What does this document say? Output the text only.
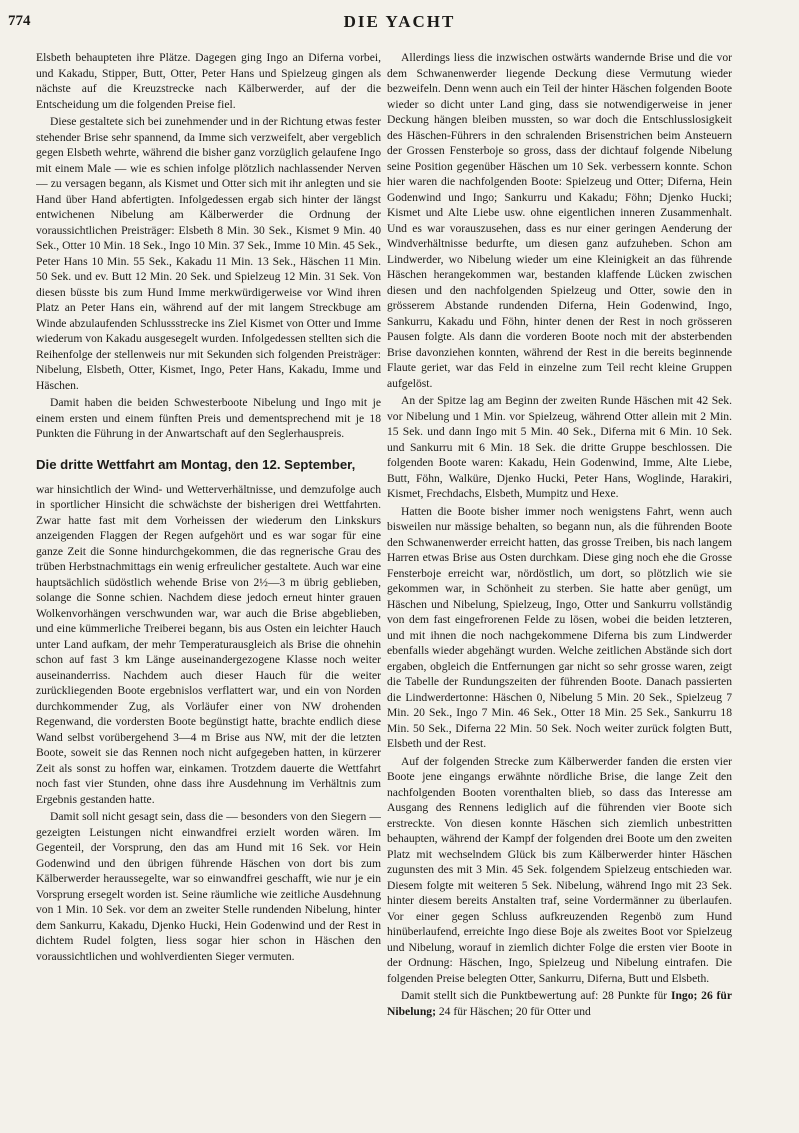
774	DIE YACHT

Elsbeth behaupteten ihre Plätze. Dagegen ging Ingo an Diferna vorbei, und Kakadu, Stipper, Butt, Otter, Peter Hans und Spielzeug gingen als nächste auf die Kreuzstrecke nach Kälberwerder, auf der die Entscheidung um die folgenden Preise fiel.

Diese gestaltete sich bei zunehmender und in der Richtung etwas fester stehender Brise sehr spannend, da Imme sich verzweifelt, aber vergeblich gegen Elsbeth wehrte, während die bisher ganz vorzüglich gelaufene Ingo mit einem Male — wie es schien infolge plötzlich nachlassender Nerven — zu versagen begann, als Kismet und Otter sich mit ihr anlegten und sie Hand über Hand abfertigten. Infolgedessen ergab sich hinter der längst entwichenen Nibelung am Kälberwerder die Ordnung der voraussichtlichen Preisträger: Elsbeth 8 Min. 30 Sek., Kismet 9 Min. 40 Sek., Otter 10 Min. 18 Sek., Ingo 10 Min. 37 Sek., Imme 10 Min. 45 Sek., Peter Hans 10 Min. 55 Sek., Kakadu 11 Min. 13 Sek., Häschen 11 Min. 50 Sek. und ev. Butt 12 Min. 20 Sek. und Spielzeug 12 Min. 31 Sek. Von diesen büsste bis zum Hund Imme merkwürdigerweise vor Wind ihren Platz an Peter Hans ein, während auf der mit langem Streckbuge am Winde abzulaufenden Schlussstrecke ins Ziel Kismet von Otter und Imme wiederum von Kakadu ausgesegelt wurden. Infolgedessen stellten sich die Reihenfolge der stellenweis nur mit Sekunden sich folgenden Preisträger: Nibelung, Elsbeth, Otter, Kismet, Ingo, Peter Hans, Kakadu, Imme und Häschen.

Damit haben die beiden Schwesterboote Nibelung und Ingo mit je einem ersten und einem fünften Preis und dementsprechend mit je 18 Punkten die Führung in der Anwartschaft auf den Seglerhauspreis.

Die dritte Wettfahrt am Montag, den 12. September,

war hinsichtlich der Wind- und Wetterverhältnisse, und demzufolge auch in sportlicher Hinsicht die schwächste der bisherigen drei Wettfahrten. Zwar hatte fast mit dem Vorheissen der wiederum den Linkskurs anzeigenden Flaggen der Regen aufgehört und es war sogar für eine ganze Zeit die Sonne hindurchgekommen, die das regnerische Grau des trüben Herbstnachmittags ein wenig erfreulicher gestaltete. Auch war eine hauptsächlich südöstlich wehende Brise von 2½—3 m übrig geblieben, solange die Sonne schien. Nachdem diese jedoch erneut hinter grauen Wolkenvorhängen verschwunden war, war auch die Brise abgeblieben, und eine kümmerliche Treiberei begann, bis aus Osten ein leichter Hauch unter Land aufkam, der mehr Temperaturausgleich als Brise die ohnehin schon auf fast 3 km Länge auseinandergezogene Klasse noch weiter auseinanderriss. Nachdem auch dieser Hauch für die weiter zurückliegenden Boote ergebnislos verflattert war, und ein von Norden durchkommender Zug, als Vorläufer einer von NW drohenden Regenwand, die vordersten Boote begünstigt hatte, brachte endlich diese Wand selbst vorübergehend 3—4 m Brise aus NW, mit der die letzten Boote, soweit sie das Rennen noch nicht aufgegeben hatten, in kürzerer Zeit als sonst zu hoffen war, einkamen. Trotzdem dauerte die Wettfahrt noch fast vier Stunden, ohne dass ihre Ausdehnung im Verhältnis zum Ergebnis gestanden hatte.

Damit soll nicht gesagt sein, dass die — besonders von den Siegern — gezeigten Leistungen nicht einwandfrei erzielt worden wären. Im Gegenteil, der Vorsprung, den das am Hund mit 16 Sek. vor Hein Godenwind und den übrigen führende Häschen von dort bis zum Kälberwerder heraussegelte, war so einwandfrei geschafft, wie nur je ein Vorsprung ersegelt worden ist. Seine räumliche wie zeitliche Ausdehnung von 1 Min. 10 Sek. vor dem an zweiter Stelle rundenden Nibelung, hinter dem Sankurru, Kakadu, Djenko Hucki, Hein Godenwind und der Rest in dichtem Rudel folgten, liess sogar hier schon in Häschen den voraussichtlichen und wohlverdienten Sieger vermuten.

Allerdings liess die inzwischen ostwärts wandernde Brise und die vor dem Schwanenwerder liegende Deckung diese Vermutung wieder bezweifeln. Denn wenn auch ein Teil der hinter Häschen folgenden Boote wieder so dicht unter Land ging, dass sie notwendigerweise in jener Deckung hängen bleiben mussten, so war doch die Entschlusslosigkeit des Häschen-Führers in den schralenden Brisenstrichen beim Ansteuern der Grossen Fensterboje so gross, dass der dichtauf folgende Nibelung seine Position gegenüber Häschen um 10 Sek. verbessern konnte. Schon hier waren die nachfolgenden Boote: Spielzeug und Otter; Diferna, Hein Godenwind und Ingo; Sankurru und Kakadu; Föhn; Djenko Hucki; Kismet und Alte Liebe usw. ohne eigentlichen inneren Zusammenhalt. Und es war vorauszusehen, dass es nur einer geringen Aenderung der Windverhältnisse bedurfte, um diesen ganz aufzuheben. Schon am Lindwerder, wo Nibelung wieder um eine Kleinigkeit an das führende Häschen herangekommen war, bestanden klaffende Lücken zwischen diesen und den nachfolgenden Spielzeug und Otter, sowie den in grösserem Abstande rundenden Diferna, Hein Godenwind, Ingo, Sankurru, Kakadu und Föhn, hinter denen der Rest in noch grösseren Pausen folgte. Als dann die vorderen Boote noch mit der absterbenden Brise davonziehen konnten, während der Rest in die bereits beginnende Flaute geriet, war das Feld in einzelne zum Teil recht kleine Gruppen aufgelöst.

An der Spitze lag am Beginn der zweiten Runde Häschen mit 42 Sek. vor Nibelung und 1 Min. vor Spielzeug, während Otter allein mit 2 Min. 15 Sek. und dann Ingo mit 5 Min. 40 Sek., Diferna mit 6 Min. 10 Sek. und Sankurru mit 6 Min. 18 Sek. die dritte Gruppe beschlossen. Die folgenden Boote waren: Kakadu, Hein Godenwind, Imme, Alte Liebe, Butt, Föhn, Walküre, Djenko Hucki, Peter Hans, Woglinde, Harakiri, Kismet, Frechdachs, Elsbeth, Mumpitz und Hexe.

Hatten die Boote bisher immer noch wenigstens Fahrt, wenn auch bisweilen nur mässige behalten, so begann nun, als die führenden Boote den Schwanenwerder erreicht hatten, das grosse Treiben, bis nach langem Harren etwas Brise aus Osten durchkam. Diese ging noch ehe die Grosse Fensterboje erreicht war, nördöstlich, um dort, so plötzlich wie sie gekommen war, in Schönheit zu sterben. Sie hatte aber genügt, um Häschen und Nibelung, Spielzeug, Ingo, Otter und Sankurru vollständig von dem fast eingefrorenen Felde zu lösen, wobei die beiden letzteren, und mit ihnen die noch nachgekommene Diferna bis zum Lindwerder ebenfalls wieder abgehängt wurden. Welche zeitlichen Abstände sich dort ergaben, obgleich die Entfernungen gar nicht so sehr grosse waren, zeigt die Tabelle der Rundungszeiten der führenden Boote. Danach passierten die Lindwerdertonne: Häschen 0, Nibelung 5 Min. 20 Sek., Spielzeug 7 Min. 20 Sek., Ingo 7 Min. 46 Sek., Otter 18 Min. 25 Sek., Sankurru 18 Min. 50 Sek., Diferna 22 Min. 50 Sek. Noch weiter zurück folgten Butt, Elsbeth und der Rest.

Auf der folgenden Strecke zum Kälberwerder fanden die ersten vier Boote jene eingangs erwähnte nördliche Brise, die lange Zeit den nachfolgenden Booten vorenthalten blieb, so dass das Interesse am Ausgang des Rennens lediglich auf die führenden vier Boote sich erstreckte. Von diesen konnte Häschen sich ziemlich unbestritten behaupten, während der Kampf der folgenden drei Boote um den zweiten Platz mit wechselndem Glück bis zum Kälberwerder hinter Häschen zugunsten des mit 3 Min. 45 Sek. folgendem Spielzeug entschieden war. Diesem folgte mit weiteren 5 Sek. Nibelung, während Ingo mit 23 Sek. hinter diesem bereits Anstalten traf, seine Vordermänner zu überlaufen. Vor einer gegen Schluss aufkreuzenden Regenbö zum Hund hinüberlaufend, erreichte Ingo diese Boje als zweites Boot vor Spielzeug und Nibelung, worauf in ziemlich dichter Folge die ersten vier Boote in der Ordnung: Häschen, Ingo, Spielzeug und Nibelung eintrafen. Die folgenden Preise belegten Otter, Sankurru, Diferna, Butt und Elsbeth.

Damit stellt sich die Punktbewertung auf: 28 Punkte für Ingo; 26 für Nibelung; 24 für Häschen; 20 für Otter und
